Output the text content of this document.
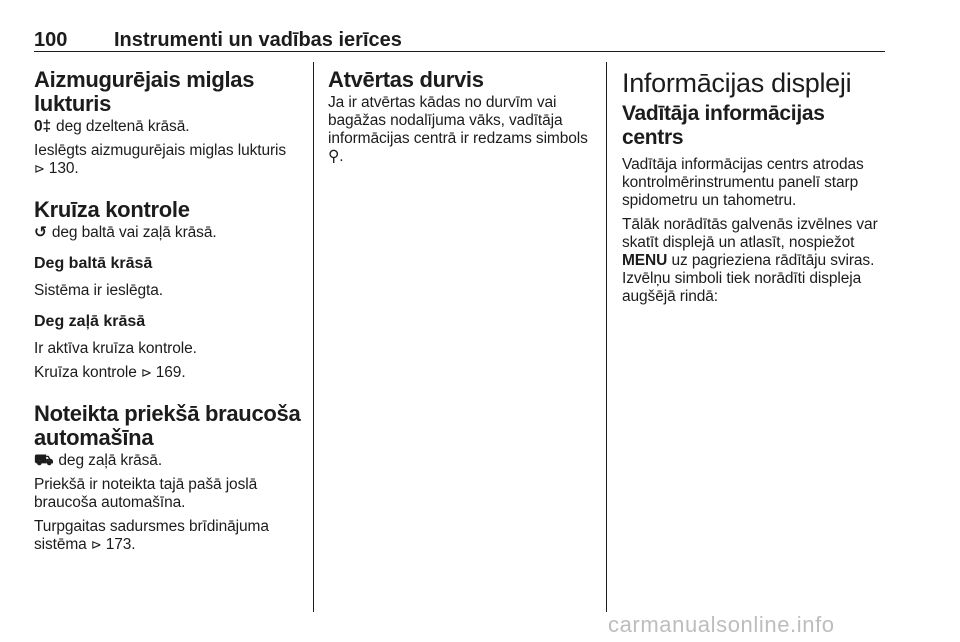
100 Instrumenti un vadības ierīces
Aizmugurējais miglas lukturis

0‡ deg dzeltenā krāsā.

Ieslēgts aizmugurējais miglas lukturis
⊳ 130.

Kruīza kontrole

↺ deg baltā vai zaļā krāsā.

Deg baltā krāsā

Sistēma ir ieslēgta.

Deg zaļā krāsā

Ir aktīva kruīza kontrole.

Kruīza kontrole ⊳ 169.

Noteikta priekšā braucoša automašīna

⛟ deg zaļā krāsā.

Priekšā ir noteikta tajā pašā joslā braucoša automašīna.

Turpgaitas sadursmes brīdinājuma sistēma ⊳ 173.

Atvērtas durvis

Ja ir atvērtas kādas no durvīm vai bagāžas nodalījuma vāks, vadītāja informācijas centrā ir redzams simbols ⚲.

Informācijas displeji
Vadītāja informācijas centrs

Vadītāja informācijas centrs atrodas kontrolmērinstrumentu panelī starp spidometru un tahometru.

Tālāk norādītās galvenās izvēlnes var skatīt displejā un atlasīt, nospiežot MENU uz pagrieziena rādītāju sviras. Izvēlņu simboli tiek norādīti displeja augšējā rindā:

carmanualsonline.info
